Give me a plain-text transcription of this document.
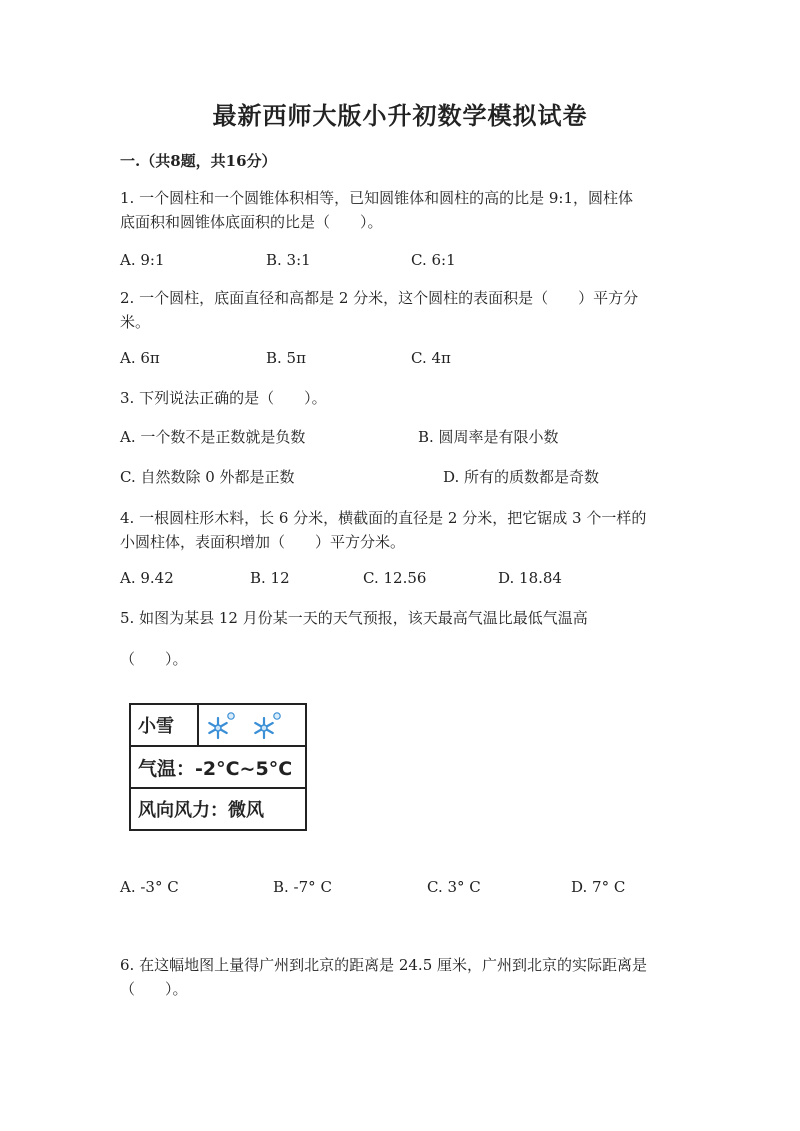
最新西师大版小升初数学模拟试卷
一.（共8题，共16分）
1. 一个圆柱和一个圆锥体积相等，已知圆锥体和圆柱的高的比是 9:1，圆柱体
底面积和圆锥体底面积的比是（　　）。
A. 9:1	B. 3:1	C. 6:1
2. 一个圆柱，底面直径和高都是 2 分米，这个圆柱的表面积是（　　）平方分
米。
A. 6π	B. 5π	C. 4π
3. 下列说法正确的是（　　）。
A. 一个数不是正数就是负数	B. 圆周率是有限小数
C. 自然数除 0 外都是正数	D. 所有的质数都是奇数
4. 一根圆柱形木料，长 6 分米，横截面的直径是 2 分米，把它锯成 3 个一样的
小圆柱体，表面积增加（　　）平方分米。
A. 9.42	B. 12	C. 12.56	D. 18.84
5. 如图为某县 12 月份某一天的天气预报，该天最高气温比最低气温高
（　　）。
小雪
气温：-2°C~5°C
风向风力：微风
A. -3° C	B. -7° C	C. 3° C	D. 7° C
6. 在这幅地图上量得广州到北京的距离是 24.5 厘米，广州到北京的实际距离是
（　　）。
